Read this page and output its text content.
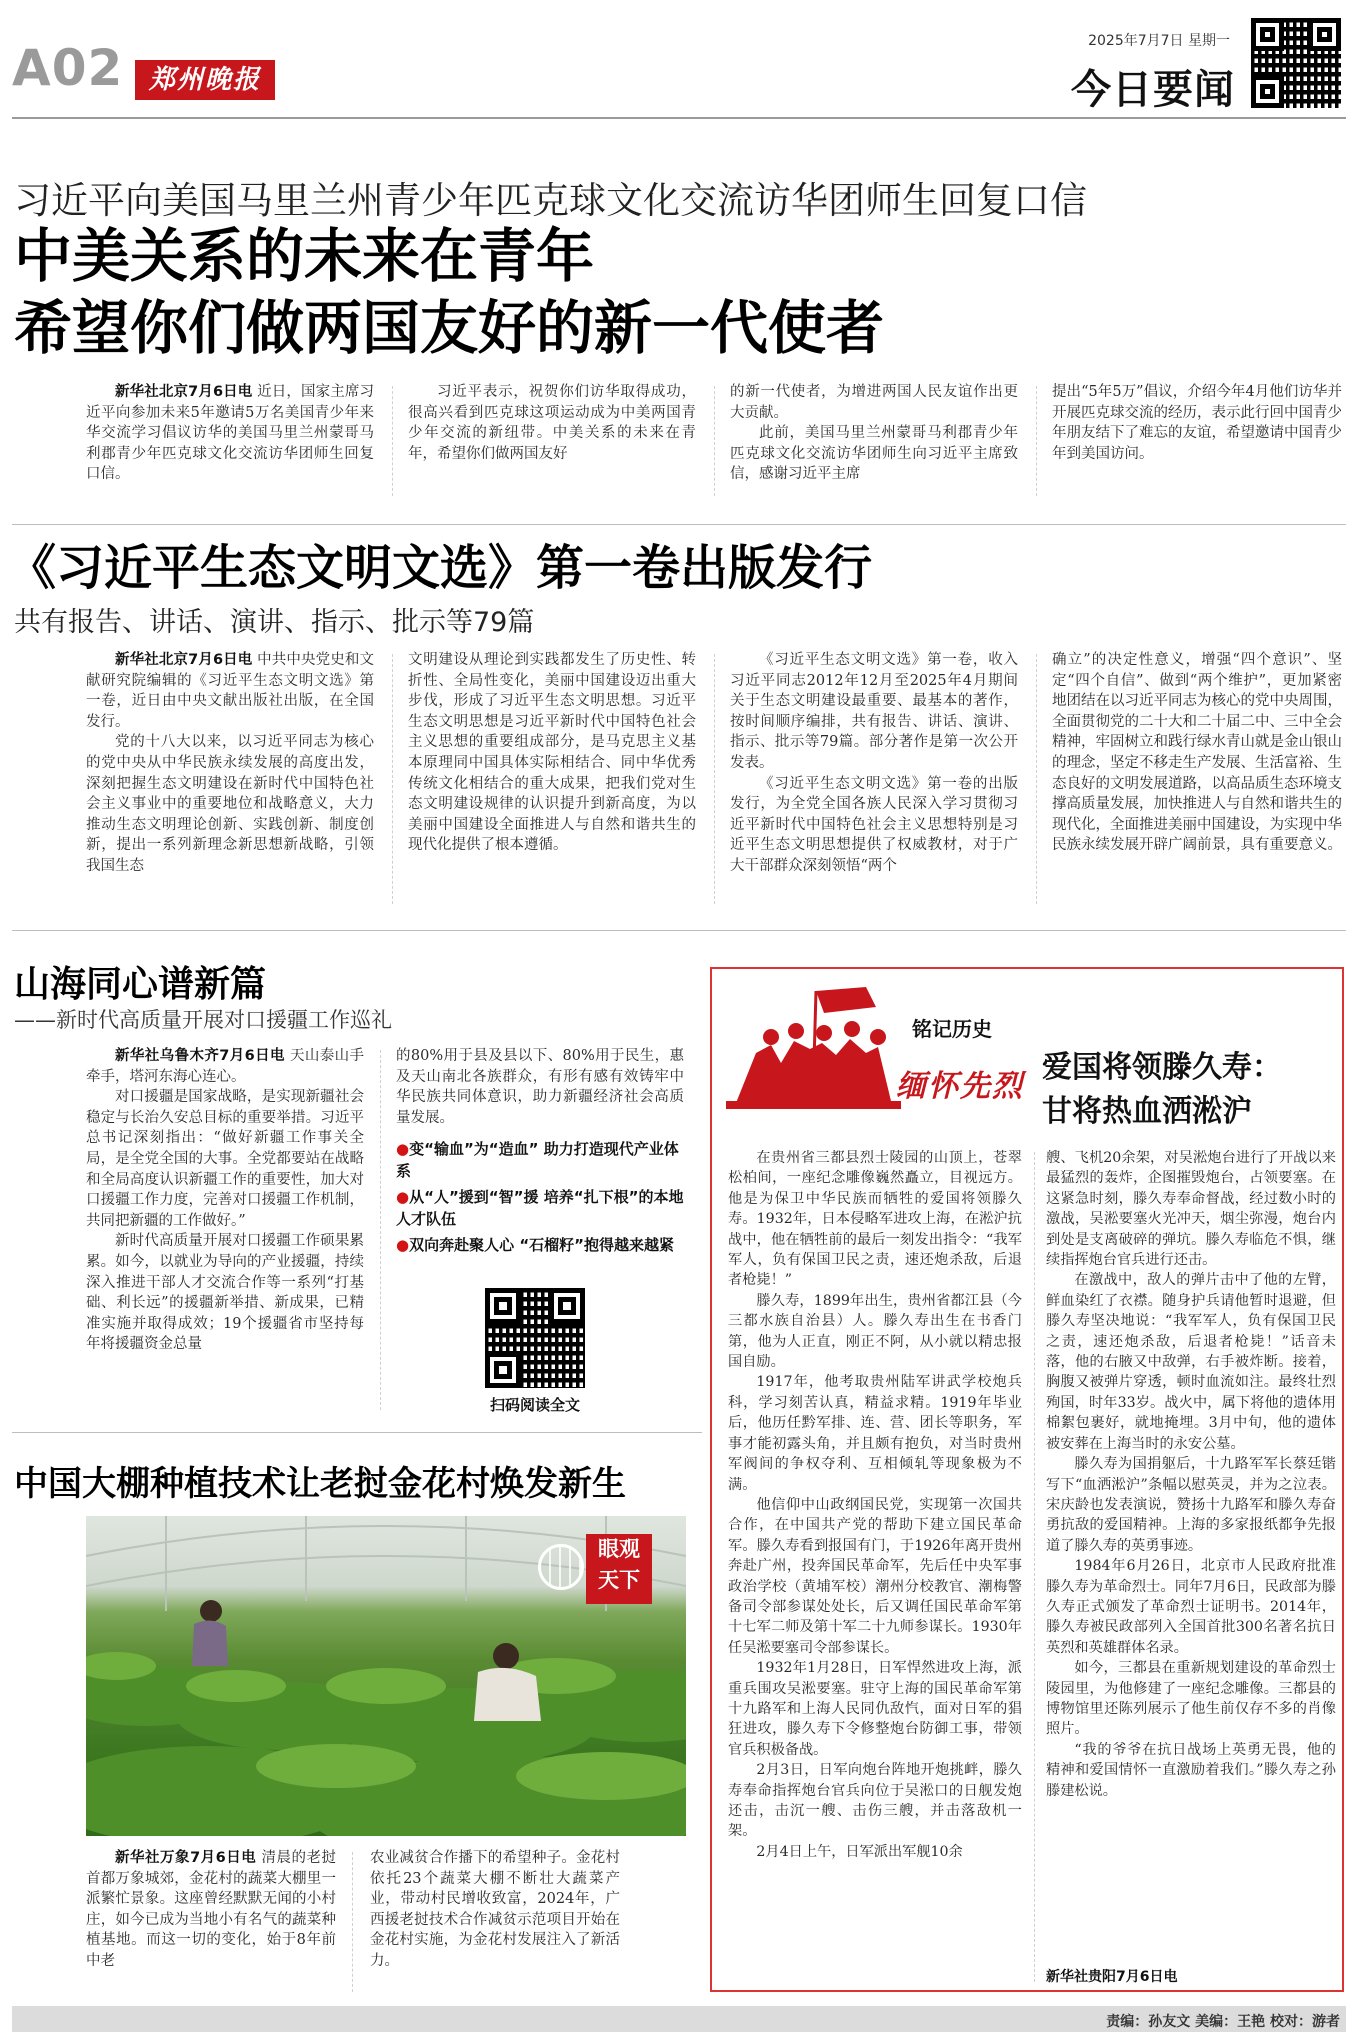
A02 郑州晚报
2025年7月7日 星期一
今日要闻
习近平向美国马里兰州青少年匹克球文化交流访华团师生回复口信
中美关系的未来在青年
希望你们做两国友好的新一代使者

新华社北京7月6日电 近日，国家主席习近平向参加未来5年邀请5万名美国青少年来华交流学习倡议访华的美国马里兰州蒙哥马利郡青少年匹克球文化交流访华团师生回复口信。

习近平表示，祝贺你们访华取得成功，很高兴看到匹克球这项运动成为中美两国青少年交流的新纽带。中美关系的未来在青年，希望你们做两国友好

的新一代使者，为增进两国人民友谊作出更大贡献。

此前，美国马里兰州蒙哥马利郡青少年匹克球文化交流访华团师生向习近平主席致信，感谢习近平主席

提出“5年5万”倡议，介绍今年4月他们访华并开展匹克球交流的经历，表示此行回中国青少年朋友结下了难忘的友谊，希望邀请中国青少年到美国访问。

《习近平生态文明文选》第一卷出版发行
共有报告、讲话、演讲、指示、批示等79篇

新华社北京7月6日电 中共中央党史和文献研究院编辑的《习近平生态文明文选》第一卷，近日由中央文献出版社出版，在全国发行。

党的十八大以来，以习近平同志为核心的党中央从中华民族永续发展的高度出发，深刻把握生态文明建设在新时代中国特色社会主义事业中的重要地位和战略意义，大力推动生态文明理论创新、实践创新、制度创新，提出一系列新理念新思想新战略，引领我国生态

文明建设从理论到实践都发生了历史性、转折性、全局性变化，美丽中国建设迈出重大步伐，形成了习近平生态文明思想。习近平生态文明思想是习近平新时代中国特色社会主义思想的重要组成部分，是马克思主义基本原理同中国具体实际相结合、同中华优秀传统文化相结合的重大成果，把我们党对生态文明建设规律的认识提升到新高度，为以美丽中国建设全面推进人与自然和谐共生的现代化提供了根本遵循。

《习近平生态文明文选》第一卷，收入习近平同志2012年12月至2025年4月期间关于生态文明建设最重要、最基本的著作，按时间顺序编排，共有报告、讲话、演讲、指示、批示等79篇。部分著作是第一次公开发表。

《习近平生态文明文选》第一卷的出版发行，为全党全国各族人民深入学习贯彻习近平新时代中国特色社会主义思想特别是习近平生态文明思想提供了权威教材，对于广大干部群众深刻领悟“两个

确立”的决定性意义，增强“四个意识”、坚定“四个自信”、做到“两个维护”，更加紧密地团结在以习近平同志为核心的党中央周围，全面贯彻党的二十大和二十届二中、三中全会精神，牢固树立和践行绿水青山就是金山银山的理念，坚定不移走生产发展、生活富裕、生态良好的文明发展道路，以高品质生态环境支撑高质量发展，加快推进人与自然和谐共生的现代化，全面推进美丽中国建设，为实现中华民族永续发展开辟广阔前景，具有重要意义。

山海同心谱新篇
——新时代高质量开展对口援疆工作巡礼

新华社乌鲁木齐7月6日电 天山泰山手牵手，塔河东海心连心。

对口援疆是国家战略，是实现新疆社会稳定与长治久安总目标的重要举措。习近平总书记深刻指出：“做好新疆工作事关全局，是全党全国的大事。全党都要站在战略和全局高度认识新疆工作的重要性，加大对口援疆工作力度，完善对口援疆工作机制，共同把新疆的工作做好。”

新时代高质量开展对口援疆工作硕果累累。如今，以就业为导向的产业援疆，持续深入推进干部人才交流合作等一系列“打基础、利长远”的援疆新举措、新成果，已精准实施并取得成效；19个援疆省市坚持每年将援疆资金总量

的80%用于县及县以下、80%用于民生，惠及天山南北各族群众，有形有感有效铸牢中华民族共同体意识，助力新疆经济社会高质量发展。

●变“输血”为“造血” 助力打造现代产业体系
●从“人”援到“智”援 培养“扎下根”的本地人才队伍
●双向奔赴聚人心 “石榴籽”抱得越来越紧
扫码阅读全文
中国大棚种植技术让老挝金花村焕发新生
眼观
天下

新华社万象7月6日电 清晨的老挝首都万象城郊，金花村的蔬菜大棚里一派繁忙景象。这座曾经默默无闻的小村庄，如今已成为当地小有名气的蔬菜种植基地。而这一切的变化，始于8年前中老

农业减贫合作播下的希望种子。金花村依托23个蔬菜大棚不断壮大蔬菜产业，带动村民增收致富，2024年，广西援老挝技术合作减贫示范项目开始在金花村实施，为金花村发展注入了新活力。

铭记历史
缅怀先烈
爱国将领滕久寿：
甘将热血洒淞沪

在贵州省三都县烈士陵园的山顶上，苍翠松柏间，一座纪念雕像巍然矗立，目视远方。他是为保卫中华民族而牺牲的爱国将领滕久寿。1932年，日本侵略军进攻上海，在淞沪抗战中，他在牺牲前的最后一刻发出指令：“我军军人，负有保国卫民之责，速还炮杀敌，后退者枪毙！”

滕久寿，1899年出生，贵州省都江县（今三都水族自治县）人。滕久寿出生在书香门第，他为人正直，刚正不阿，从小就以精忠报国自励。

1917年，他考取贵州陆军讲武学校炮兵科，学习刻苦认真，精益求精。1919年毕业后，他历任黔军排、连、营、团长等职务，军事才能初露头角，并且颇有抱负，对当时贵州军阀间的争权夺利、互相倾轧等现象极为不满。

他信仰中山政纲国民党，实现第一次国共合作，在中国共产党的帮助下建立国民革命军。滕久寿看到报国有门，于1926年离开贵州奔赴广州，投奔国民革命军，先后任中央军事政治学校（黄埔军校）潮州分校教官、潮梅警备司令部参谋处处长，后又调任国民革命军第十七军二师及第十军二十九师参谋长。1930年任吴淞要塞司令部参谋长。

1932年1月28日，日军悍然进攻上海，派重兵围攻吴淞要塞。驻守上海的国民革命军第十九路军和上海人民同仇敌忾，面对日军的猖狂进攻，滕久寿下令修整炮台防御工事，带领官兵积极备战。

2月3日，日军向炮台阵地开炮挑衅，滕久寿奉命指挥炮台官兵向位于吴淞口的日舰发炮还击，击沉一艘、击伤三艘，并击落敌机一架。

2月4日上午，日军派出军舰10余

艘、飞机20余架，对吴淞炮台进行了开战以来最猛烈的轰炸，企图摧毁炮台，占领要塞。在这紧急时刻，滕久寿奉命督战，经过数小时的激战，吴淞要塞火光冲天，烟尘弥漫，炮台内到处是支离破碎的弹坑。滕久寿临危不惧，继续指挥炮台官兵进行还击。

在激战中，敌人的弹片击中了他的左臂，鲜血染红了衣襟。随身护兵请他暂时退避，但滕久寿坚决地说：“我军军人，负有保国卫民之责，速还炮杀敌，后退者枪毙！”话音未落，他的右腋又中敌弹，右手被炸断。接着，胸腹又被弹片穿透，顿时血流如注。最终壮烈殉国，时年33岁。战火中，属下将他的遗体用棉絮包裹好，就地掩埋。3月中旬，他的遗体被安葬在上海当时的永安公墓。

滕久寿为国捐躯后，十九路军军长蔡廷锴写下“血洒淞沪”条幅以慰英灵，并为之泣表。宋庆龄也发表演说，赞扬十九路军和滕久寿奋勇抗敌的爱国精神。上海的多家报纸都争先报道了滕久寿的英勇事迹。

1984年6月26日，北京市人民政府批准滕久寿为革命烈士。同年7月6日，民政部为滕久寿正式颁发了革命烈士证明书。2014年，滕久寿被民政部列入全国首批300名著名抗日英烈和英雄群体名录。

如今，三都县在重新规划建设的革命烈士陵园里，为他修建了一座纪念雕像。三都县的博物馆里还陈列展示了他生前仅存不多的肖像照片。

“我的爷爷在抗日战场上英勇无畏，他的精神和爱国情怀一直激励着我们。”滕久寿之孙滕建松说。

新华社贵阳7月6日电
责编：孙友文 美编：王艳 校对：游者
